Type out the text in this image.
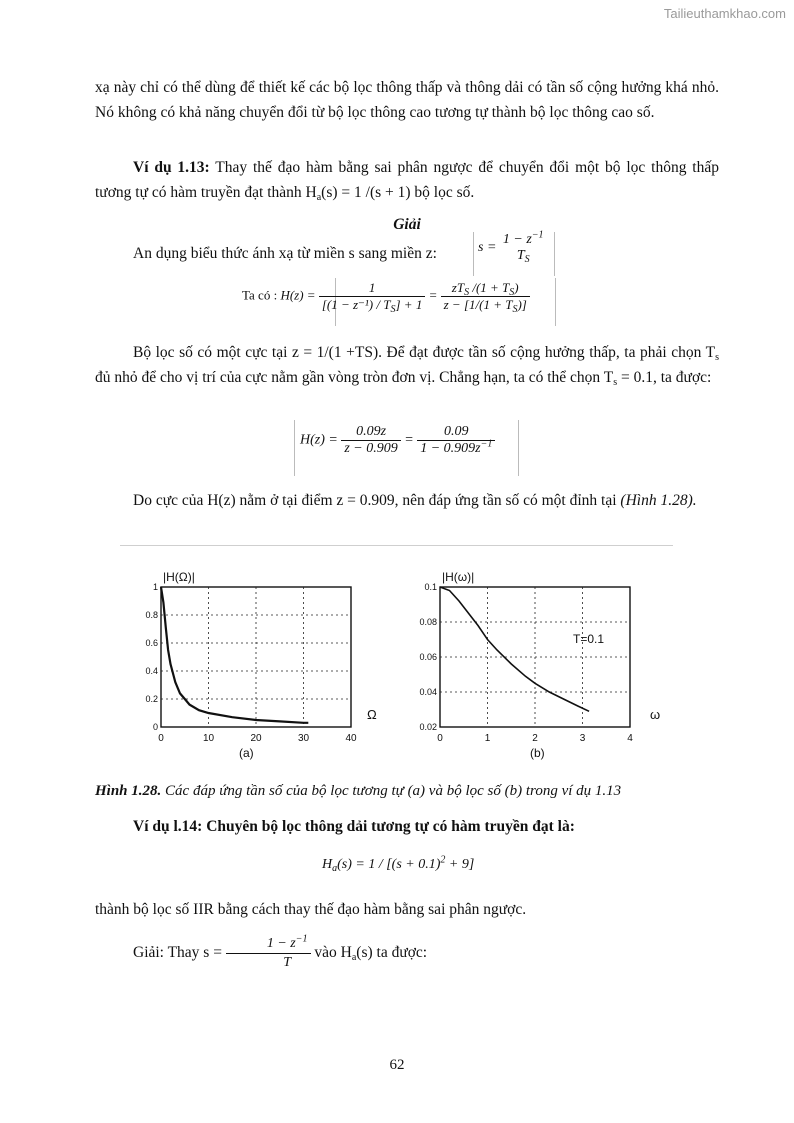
Tailieuthamkhao.com
xạ này chỉ có thể dùng để thiết kế các bộ lọc thông thấp và thông dải có tần số cộng hưởng khá nhỏ. Nó không có khả năng chuyển đổi từ bộ lọc thông cao tương tự thành bộ lọc thông cao số.
Ví dụ 1.13: Thay thế đạo hàm bằng sai phân ngược để chuyển đổi một bộ lọc thông thấp tương tự có hàm truyền đạt thành $H_a(s) = 1$ /(s + 1) bộ lọc số.
Giải
An dụng biểu thức ánh xạ từ miền s sang miền z:	s =
$1 - z^{-1}$
$T_S$
Ta có : $H(z) = \frac{1}{[(1 - z^{-1}) / T_S] + 1} = \frac{zT_S /(1 + T_S)}{z - [1/(1 + T_S)]}$
Bộ lọc số có một cực tại z = 1/(1 +TS). Để đạt được tần số cộng hưởng thấp, ta phải chọn $T_s$ đủ nhỏ để cho vị trí của cực nằm gần vòng tròn đơn vị. Chẳng hạn, ta có thể chọn $T_s = 0.1$, ta được:
$H(z) = \frac{0.09z}{z - 0.909} = \frac{0.09}{1 - 0.909z^{-1}}$
Do cực của H(z) nằm ở tại điểm z = 0.909, nên đáp ứng tần số có một đỉnh tại (Hình 1.28).
0	10	20	30	40
0
0.2
0.4
0.6
0.8
1
|H(Ω)|
Ω
(a)
0	1	2	3	4
0.02
0.04
0.06
0.08
0.1
|H(ω)|
ω
(b)
T=0.1
Hình 1.28. Các đáp ứng tần số của bộ lọc tương tự (a) và bộ lọc số (b) trong ví dụ 1.13
Ví dụ l.14: Chuyên bộ lọc thông dải tương tự có hàm truyền đạt là:
$H_a(s) = 1 / [(s + 0.1)^2 + 9]$
thành bộ lọc số IIR bằng cách thay thế đạo hàm bằng sai phân ngược.
Giải: Thay $s = \frac{1 - z^{-1}}{T}$ vào $H_a(s)$ ta được:
62
